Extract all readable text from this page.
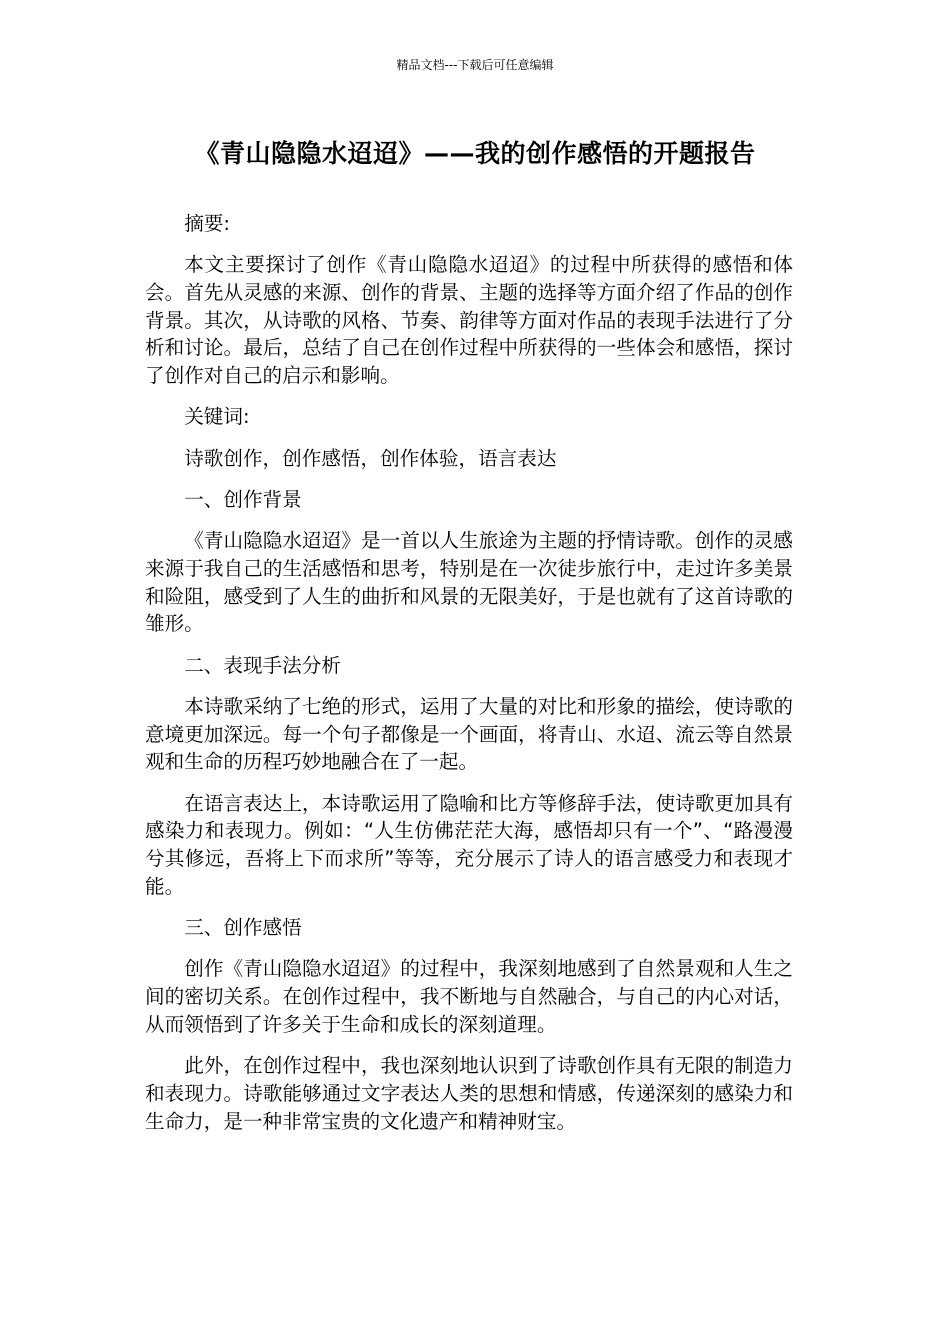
精品文档---下载后可任意编辑
《青山隐隐水迢迢》——我的创作感悟的开题报告

摘要:

本文主要探讨了创作《青山隐隐水迢迢》的过程中所获得的感悟和体会。首先从灵感的来源、创作的背景、主题的选择等方面介绍了作品的创作背景。其次，从诗歌的风格、节奏、韵律等方面对作品的表现手法进行了分析和讨论。最后，总结了自己在创作过程中所获得的一些体会和感悟，探讨了创作对自己的启示和影响。

关键词:

诗歌创作，创作感悟，创作体验，语言表达

一、创作背景

《青山隐隐水迢迢》是一首以人生旅途为主题的抒情诗歌。创作的灵感来源于我自己的生活感悟和思考，特别是在一次徒步旅行中，走过许多美景和险阻，感受到了人生的曲折和风景的无限美好，于是也就有了这首诗歌的雏形。

二、表现手法分析

本诗歌采纳了七绝的形式，运用了大量的对比和形象的描绘，使诗歌的意境更加深远。每一个句子都像是一个画面，将青山、水迢、流云等自然景观和生命的历程巧妙地融合在了一起。

在语言表达上，本诗歌运用了隐喻和比方等修辞手法，使诗歌更加具有感染力和表现力。例如：“人生仿佛茫茫大海，感悟却只有一个”、“路漫漫兮其修远，吾将上下而求所”等等，充分展示了诗人的语言感受力和表现才能。

三、创作感悟

创作《青山隐隐水迢迢》的过程中，我深刻地感到了自然景观和人生之间的密切关系。在创作过程中，我不断地与自然融合，与自己的内心对话，从而领悟到了许多关于生命和成长的深刻道理。

此外，在创作过程中，我也深刻地认识到了诗歌创作具有无限的制造力和表现力。诗歌能够通过文字表达人类的思想和情感，传递深刻的感染力和生命力，是一种非常宝贵的文化遗产和精神财宝。
